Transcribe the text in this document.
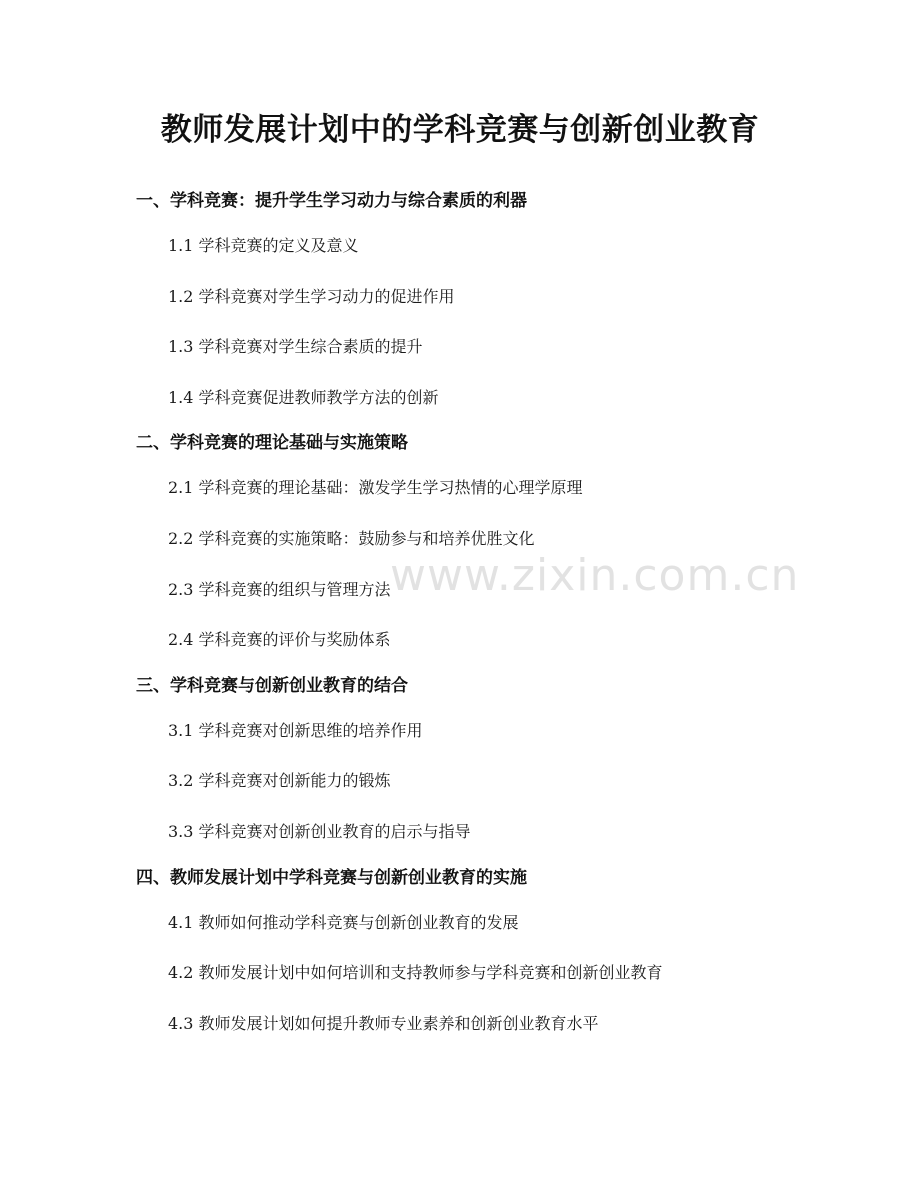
教师发展计划中的学科竞赛与创新创业教育
一、学科竞赛：提升学生学习动力与综合素质的利器
1.1 学科竞赛的定义及意义
1.2 学科竞赛对学生学习动力的促进作用
1.3 学科竞赛对学生综合素质的提升
1.4 学科竞赛促进教师教学方法的创新
二、学科竞赛的理论基础与实施策略
2.1 学科竞赛的理论基础：激发学生学习热情的心理学原理
2.2 学科竞赛的实施策略：鼓励参与和培养优胜文化
2.3 学科竞赛的组织与管理方法
2.4 学科竞赛的评价与奖励体系
三、学科竞赛与创新创业教育的结合
3.1 学科竞赛对创新思维的培养作用
3.2 学科竞赛对创新能力的锻炼
3.3 学科竞赛对创新创业教育的启示与指导
四、教师发展计划中学科竞赛与创新创业教育的实施
4.1 教师如何推动学科竞赛与创新创业教育的发展
4.2 教师发展计划中如何培训和支持教师参与学科竞赛和创新创业教育
4.3 教师发展计划如何提升教师专业素养和创新创业教育水平
www.zixin.com.cn
